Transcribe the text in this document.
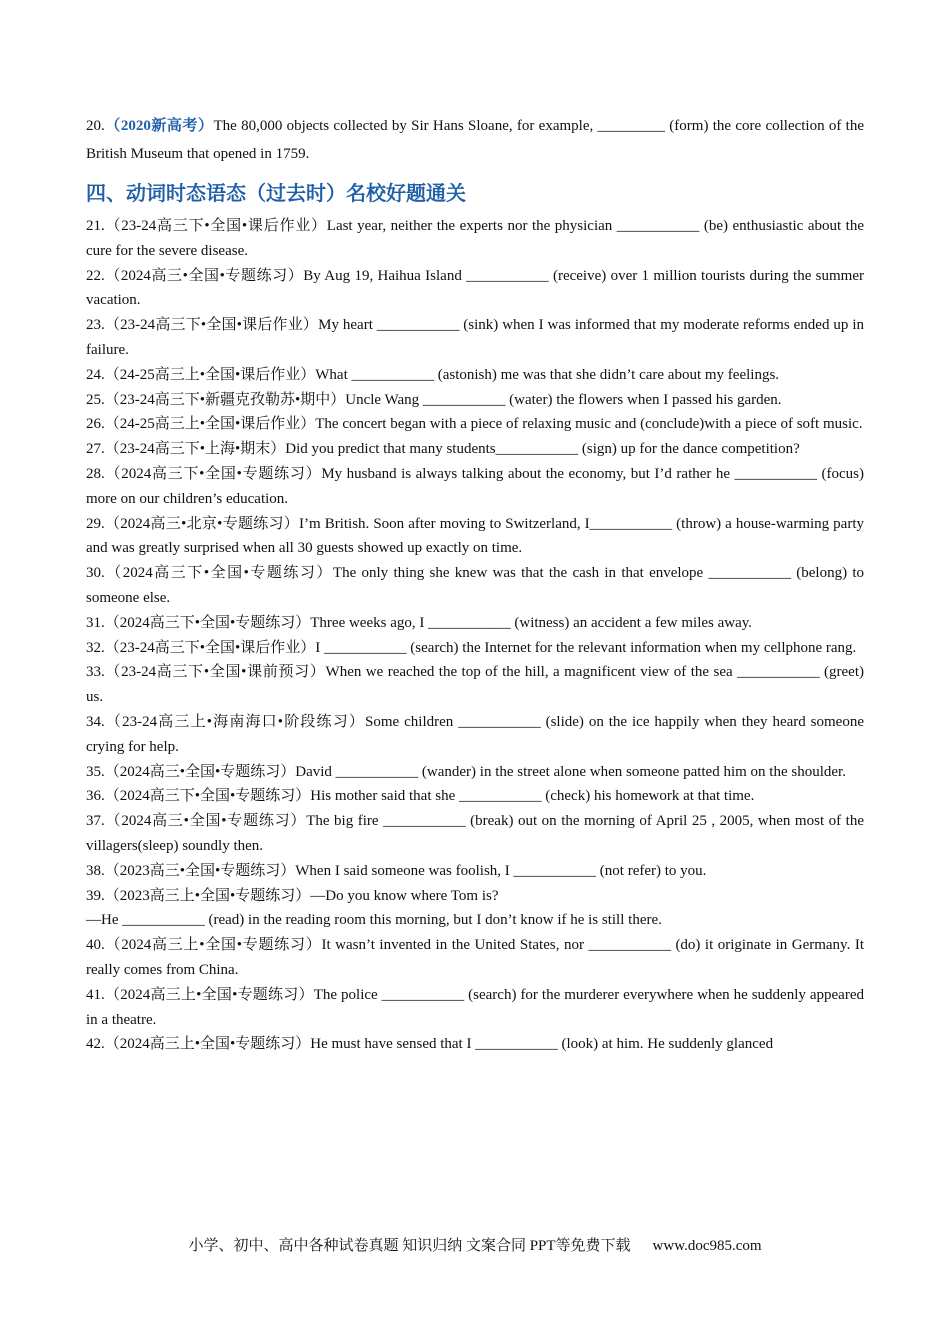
20.（2020新高考）The 80,000 objects collected by Sir Hans Sloane, for example, _________ (form) the core collection of the British Museum that opened in 1759.

四、动词时态语态（过去时）名校好题通关

21.（23-24高三下•全国•课后作业）Last year, neither the experts nor the physician ___________ (be) enthusiastic about the cure for the severe disease.

22.（2024高三•全国•专题练习）By Aug 19, Haihua Island ___________ (receive) over 1 million tourists during the summer vacation.

23.（23-24高三下•全国•课后作业）My heart ___________ (sink) when I was informed that my moderate reforms ended up in failure.

24.（24-25高三上•全国•课后作业）What ___________ (astonish) me was that she didn’t care about my feelings.

25.（23-24高三下•新疆克孜勒苏•期中）Uncle Wang ___________ (water) the flowers when I passed his garden.

26.（24-25高三上•全国•课后作业）The concert began with a piece of relaxing music and (conclude)with a piece of soft music.

27.（23-24高三下•上海•期末）Did you predict that many students___________ (sign) up for the dance competition?

28.（2024高三下•全国•专题练习）My husband is always talking about the economy, but I’d rather he ___________ (focus) more on our children’s education.

29.（2024高三•北京•专题练习）I’m British. Soon after moving to Switzerland, I___________ (throw) a house-warming party and was greatly surprised when all 30 guests showed up exactly on time.

30.（2024高三下•全国•专题练习）The only thing she knew was that the cash in that envelope ___________ (belong) to someone else.

31.（2024高三下•全国•专题练习）Three weeks ago, I ___________ (witness) an accident a few miles away.

32.（23-24高三下•全国•课后作业）I ___________ (search) the Internet for the relevant information when my cellphone rang.

33.（23-24高三下•全国•课前预习）When we reached the top of the hill, a magnificent view of the sea ___________ (greet) us.

34.（23-24高三上•海南海口•阶段练习）Some children ___________ (slide) on the ice happily when they heard someone crying for help.

35.（2024高三•全国•专题练习）David ___________ (wander) in the street alone when someone patted him on the shoulder.

36.（2024高三下•全国•专题练习）His mother said that she ___________ (check) his homework at that time.

37.（2024高三•全国•专题练习）The big fire ___________ (break) out on the morning of April 25 , 2005, when most of the villagers(sleep) soundly then.

38.（2023高三•全国•专题练习）When I said someone was foolish, I ___________ (not refer) to you.

39.（2023高三上•全国•专题练习）—Do you know where Tom is?

—He ___________ (read) in the reading room this morning, but I don’t know if he is still there.

40.（2024高三上•全国•专题练习）It wasn’t invented in the United States, nor ___________ (do) it originate in Germany. It really comes from China.

41.（2024高三上•全国•专题练习）The police ___________ (search) for the murderer everywhere when he suddenly appeared in a theatre.

42.（2024高三上•全国•专题练习）He must have sensed that I ___________ (look) at him. He suddenly glanced

小学、初中、高中各种试卷真题 知识归纳 文案合同 PPT等免费下载 www.doc985.com
